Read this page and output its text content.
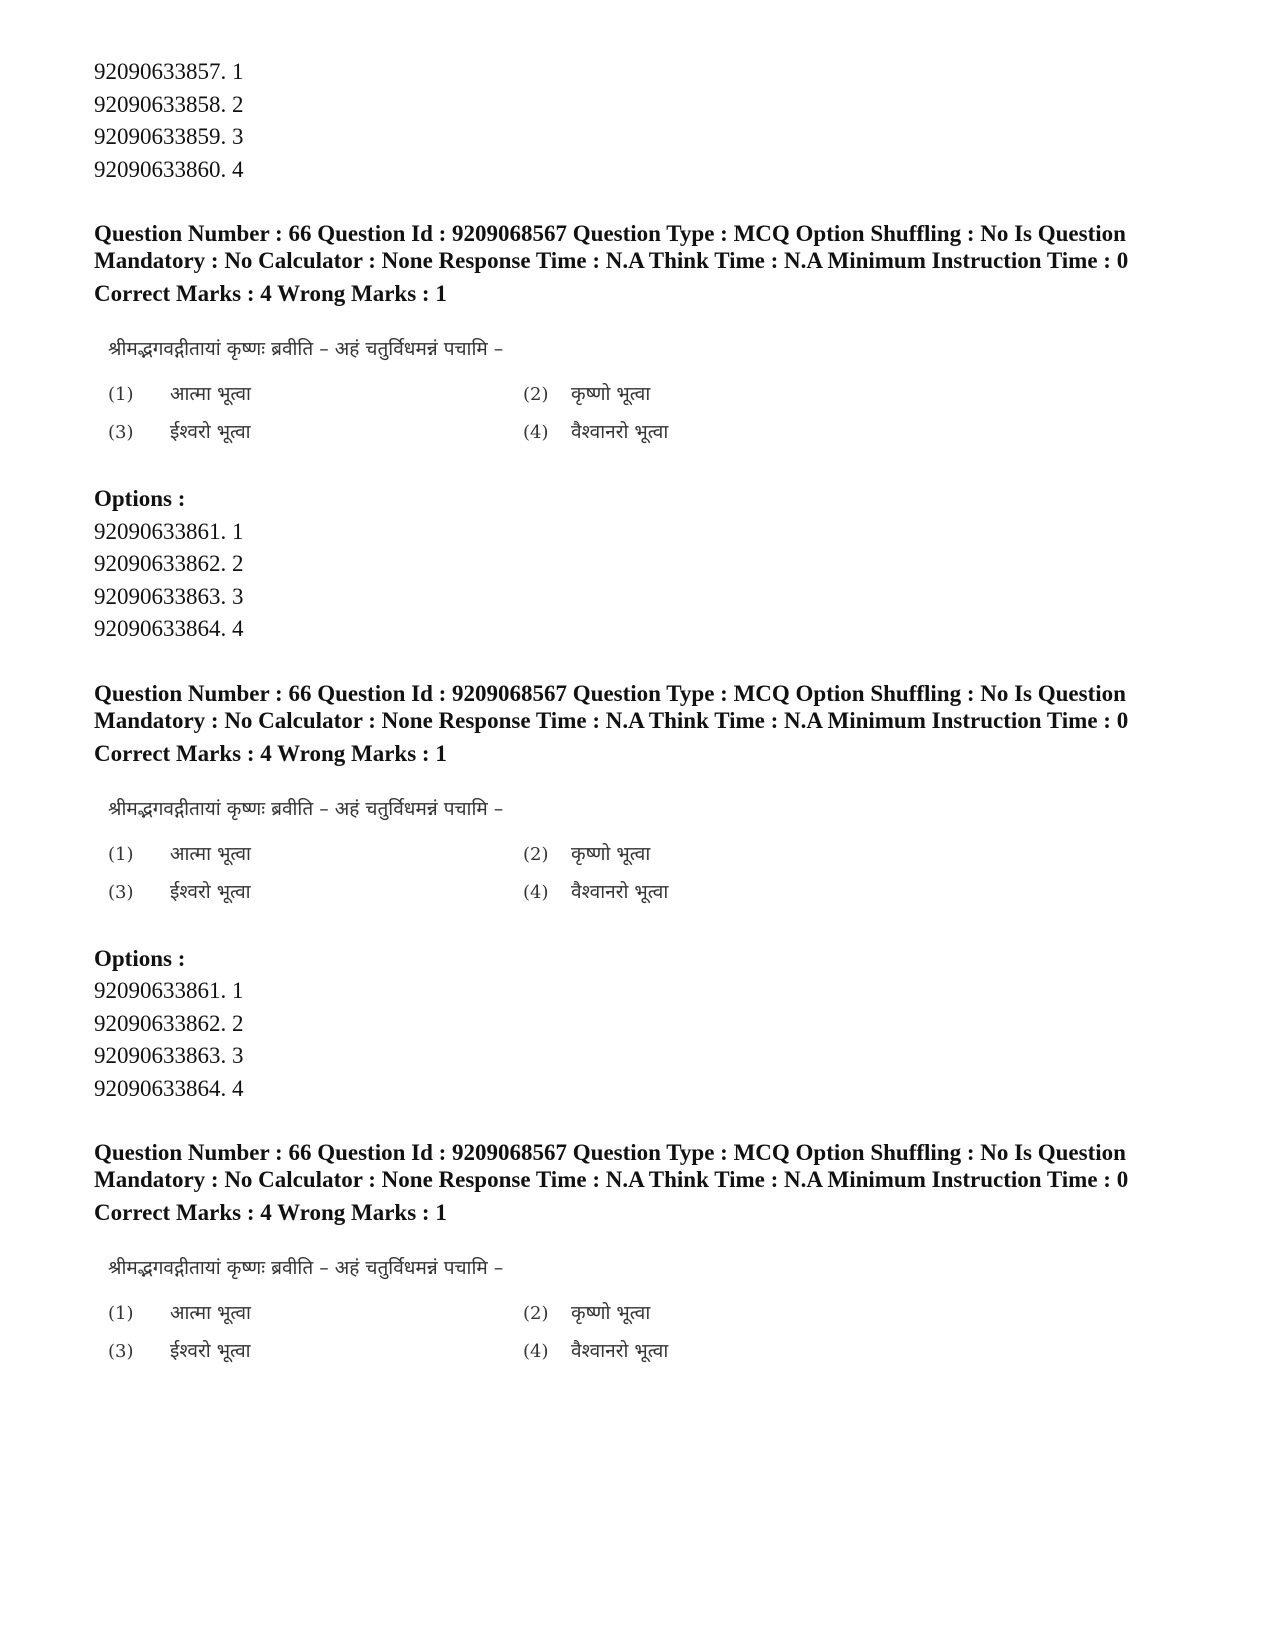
92090633857. 1
92090633858. 2
92090633859. 3
92090633860. 4
Question Number : 66 Question Id : 9209068567 Question Type : MCQ Option Shuffling : No Is Question Mandatory : No Calculator : None Response Time : N.A Think Time : N.A Minimum Instruction Time : 0
Correct Marks : 4 Wrong Marks : 1
श्रीमद्भगवद्गीतायां कृष्णः ब्रवीति – अहं चतुर्विधमन्नं पचामि –
(1) आत्मा भूत्वा	(2) कृष्णो भूत्वा
(3) ईश्वरो भूत्वा	(4) वैश्वानरो भूत्वा
Options :
92090633861. 1
92090633862. 2
92090633863. 3
92090633864. 4
Question Number : 66 Question Id : 9209068567 Question Type : MCQ Option Shuffling : No Is Question Mandatory : No Calculator : None Response Time : N.A Think Time : N.A Minimum Instruction Time : 0
Correct Marks : 4 Wrong Marks : 1
श्रीमद्भगवद्गीतायां कृष्णः ब्रवीति – अहं चतुर्विधमन्नं पचामि –
(1) आत्मा भूत्वा	(2) कृष्णो भूत्वा
(3) ईश्वरो भूत्वा	(4) वैश्वानरो भूत्वा
Options :
92090633861. 1
92090633862. 2
92090633863. 3
92090633864. 4
Question Number : 66 Question Id : 9209068567 Question Type : MCQ Option Shuffling : No Is Question Mandatory : No Calculator : None Response Time : N.A Think Time : N.A Minimum Instruction Time : 0
Correct Marks : 4 Wrong Marks : 1
श्रीमद्भगवद्गीतायां कृष्णः ब्रवीति – अहं चतुर्विधमन्नं पचामि –
(1) आत्मा भूत्वा	(2) कृष्णो भूत्वा
(3) ईश्वरो भूत्वा	(4) वैश्वानरो भूत्वा
